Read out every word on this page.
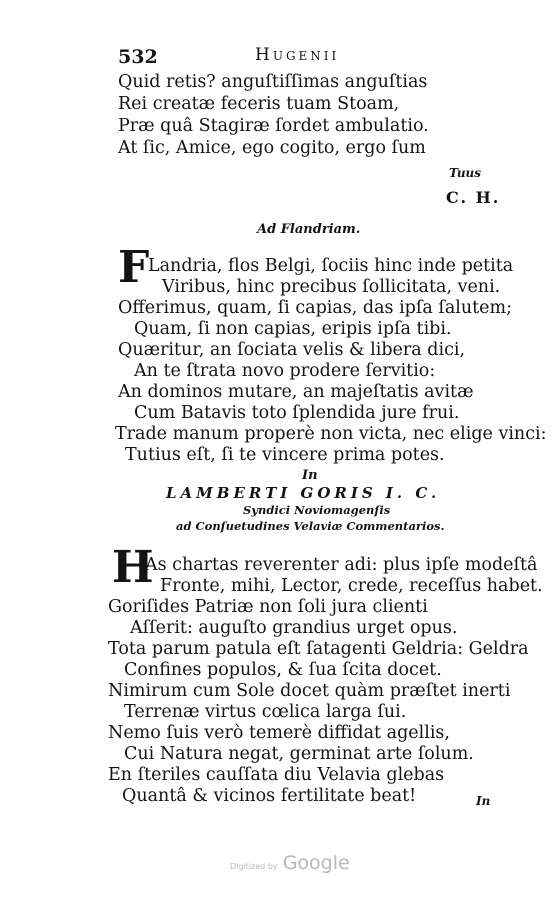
532	Hugenii
Quid retis? anguſtiſſimas anguſtias
Rei creatæ feceris tuam Stoam,
Præ quâ Stagiræ ſordet ambulatio.
At ſic, Amice, ego cogito, ergo ſum
Tuus
C. H.
Ad Flandriam.
F
Landria, flos Belgi, ſociis hinc inde petita
Viribus, hinc precibus ſollicitata, veni.
Offerimus, quam, ſi capias, das ipſa ſalutem;
Quam, ſi non capias, eripis ipſa tibi.
Quæritur, an ſociata velis & libera dici,
An te ſtrata novo prodere ſervitio:
An dominos mutare, an majeſtatis avitæ
Cum Batavis toto ſplendida jure frui.
Trade manum properè non victa, nec elige vinci:
Tutius eſt, ſi te vincere prima potes.
In
LAMBERTI GORIS I. C.
Syndici Noviomagenſis
ad Conſuetudines Velaviæ Commentarios.
H
As chartas reverenter adi: plus ipſe modeſtâ
Fronte, mihi, Lector, crede, receſſus habet.
Goriſides Patriæ non ſoli jura clienti
Aſſerit: auguſto grandius urget opus.
Tota parum patula eſt ſatagenti Geldria: Geldra
Confines populos, & ſua ſcita docet.
Nimirum cum Sole docet quàm præſtet inerti
Terrenæ virtus cœlica larga ſui.
Nemo ſuis verò temerè diffidat agellis,
Cui Natura negat, germinat arte ſolum.
En ſteriles cauſſata diu Velavia glebas
Quantâ & vicinos fertilitate beat!	In
Digitized by Google
